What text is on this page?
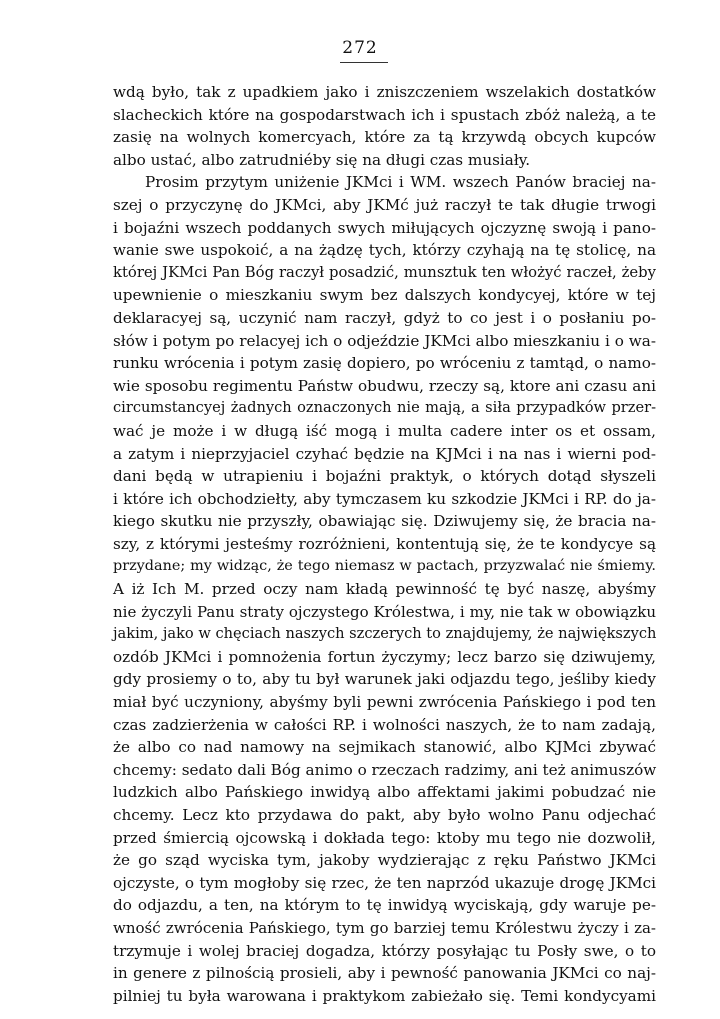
272
wdą było, tak z upadkiem jako i zniszczeniem wszelakich dostatków
slacheckich które na gospodarstwach ich i spustach zbóż należą, a te
zasię na wolnych komercyach, które za tą krzywdą obcych kupców
albo ustać, albo zatrudniéby się na długi czas musiały.
Prosim przytym uniżenie JKMci i WM. wszech Panów braciej na-
szej o przyczynę do JKMci, aby JKMć już raczył te tak długie trwogi
i bojaźni wszech poddanych swych miłujących ojczyznę swoją i pano-
wanie swe uspokoić, a na żądzę tych, którzy czyhają na tę stolicę, na
której JKMci Pan Bóg raczył posadzić, munsztuk ten włożyć raczeł, żeby
upewnienie o mieszkaniu swym bez dalszych kondycyej, które w tej
deklaracyej są, uczynić nam raczył, gdyż to co jest i o posłaniu po-
słów i potym po relacyej ich o odjeździe JKMci albo mieszkaniu i o wa-
runku wrócenia i potym zasię dopiero, po wróceniu z tamtąd, o namo-
wie sposobu regimentu Państw obudwu, rzeczy są, ktore ani czasu ani
circumstancyej żadnych oznaczonych nie mają, a siła przypadków przer-
wać je może i w długą iść mogą i multa cadere inter os et ossam,
a zatym i nieprzyjaciel czyhać będzie na KJMci i na nas i wierni pod-
dani będą w utrapieniu i bojaźni praktyk, o których dotąd słyszeli
i które ich obchodziełty, aby tymczasem ku szkodzie JKMci i RP. do ja-
kiego skutku nie przyszły, obawiając się. Dziwujemy się, że bracia na-
szy, z którymi jesteśmy rozróżnieni, kontentują się, że te kondycye są
przydane; my widząc, że tego niemasz w pactach, przyzwalać nie śmiemy.
A iż Ich M. przed oczy nam kładą pewinność tę być naszę, abyśmy
nie życzyli Panu straty ojczystego Królestwa, i my, nie tak w obowiązku
jakim, jako w chęciach naszych szczerych to znajdujemy, że największych
ozdób JKMci i pomnożenia fortun życzymy; lecz barzo się dziwujemy,
gdy prosiemy o to, aby tu był warunek jaki odjazdu tego, jeśliby kiedy
miał być uczyniony, abyśmy byli pewni zwrócenia Pańskiego i pod ten
czas zadzierżenia w całości RP. i wolności naszych, że to nam zadają,
że albo co nad namowy na sejmikach stanowić, albo KJMci zbywać
chcemy: sedato dali Bóg animo o rzeczach radzimy, ani też animuszów
ludzkich albo Pańskiego inwidyą albo affektami jakimi pobudzać nie
chcemy. Lecz kto przydawa do pakt, aby było wolno Panu odjechać
przed śmiercią ojcowską i dokłada tego: ktoby mu tego nie dozwolił,
że go sząd wyciska tym, jakoby wydzierając z ręku Państwo JKMci
ojczyste, o tym mogłoby się rzec, że ten naprzód ukazuje drogę JKMci
do odjazdu, a ten, na którym to tę inwidyą wyciskają, gdy waruje pe-
wność zwrócenia Pańskiego, tym go barziej temu Królestwu życzy i za-
trzymuje i wolej braciej dogadza, którzy posyłając tu Posły swe, o to
in genere z pilnością prosieli, aby i pewność panowania JKMci co naj-
pilniej tu była warowana i praktykom zabieżało się. Temi kondycyami
